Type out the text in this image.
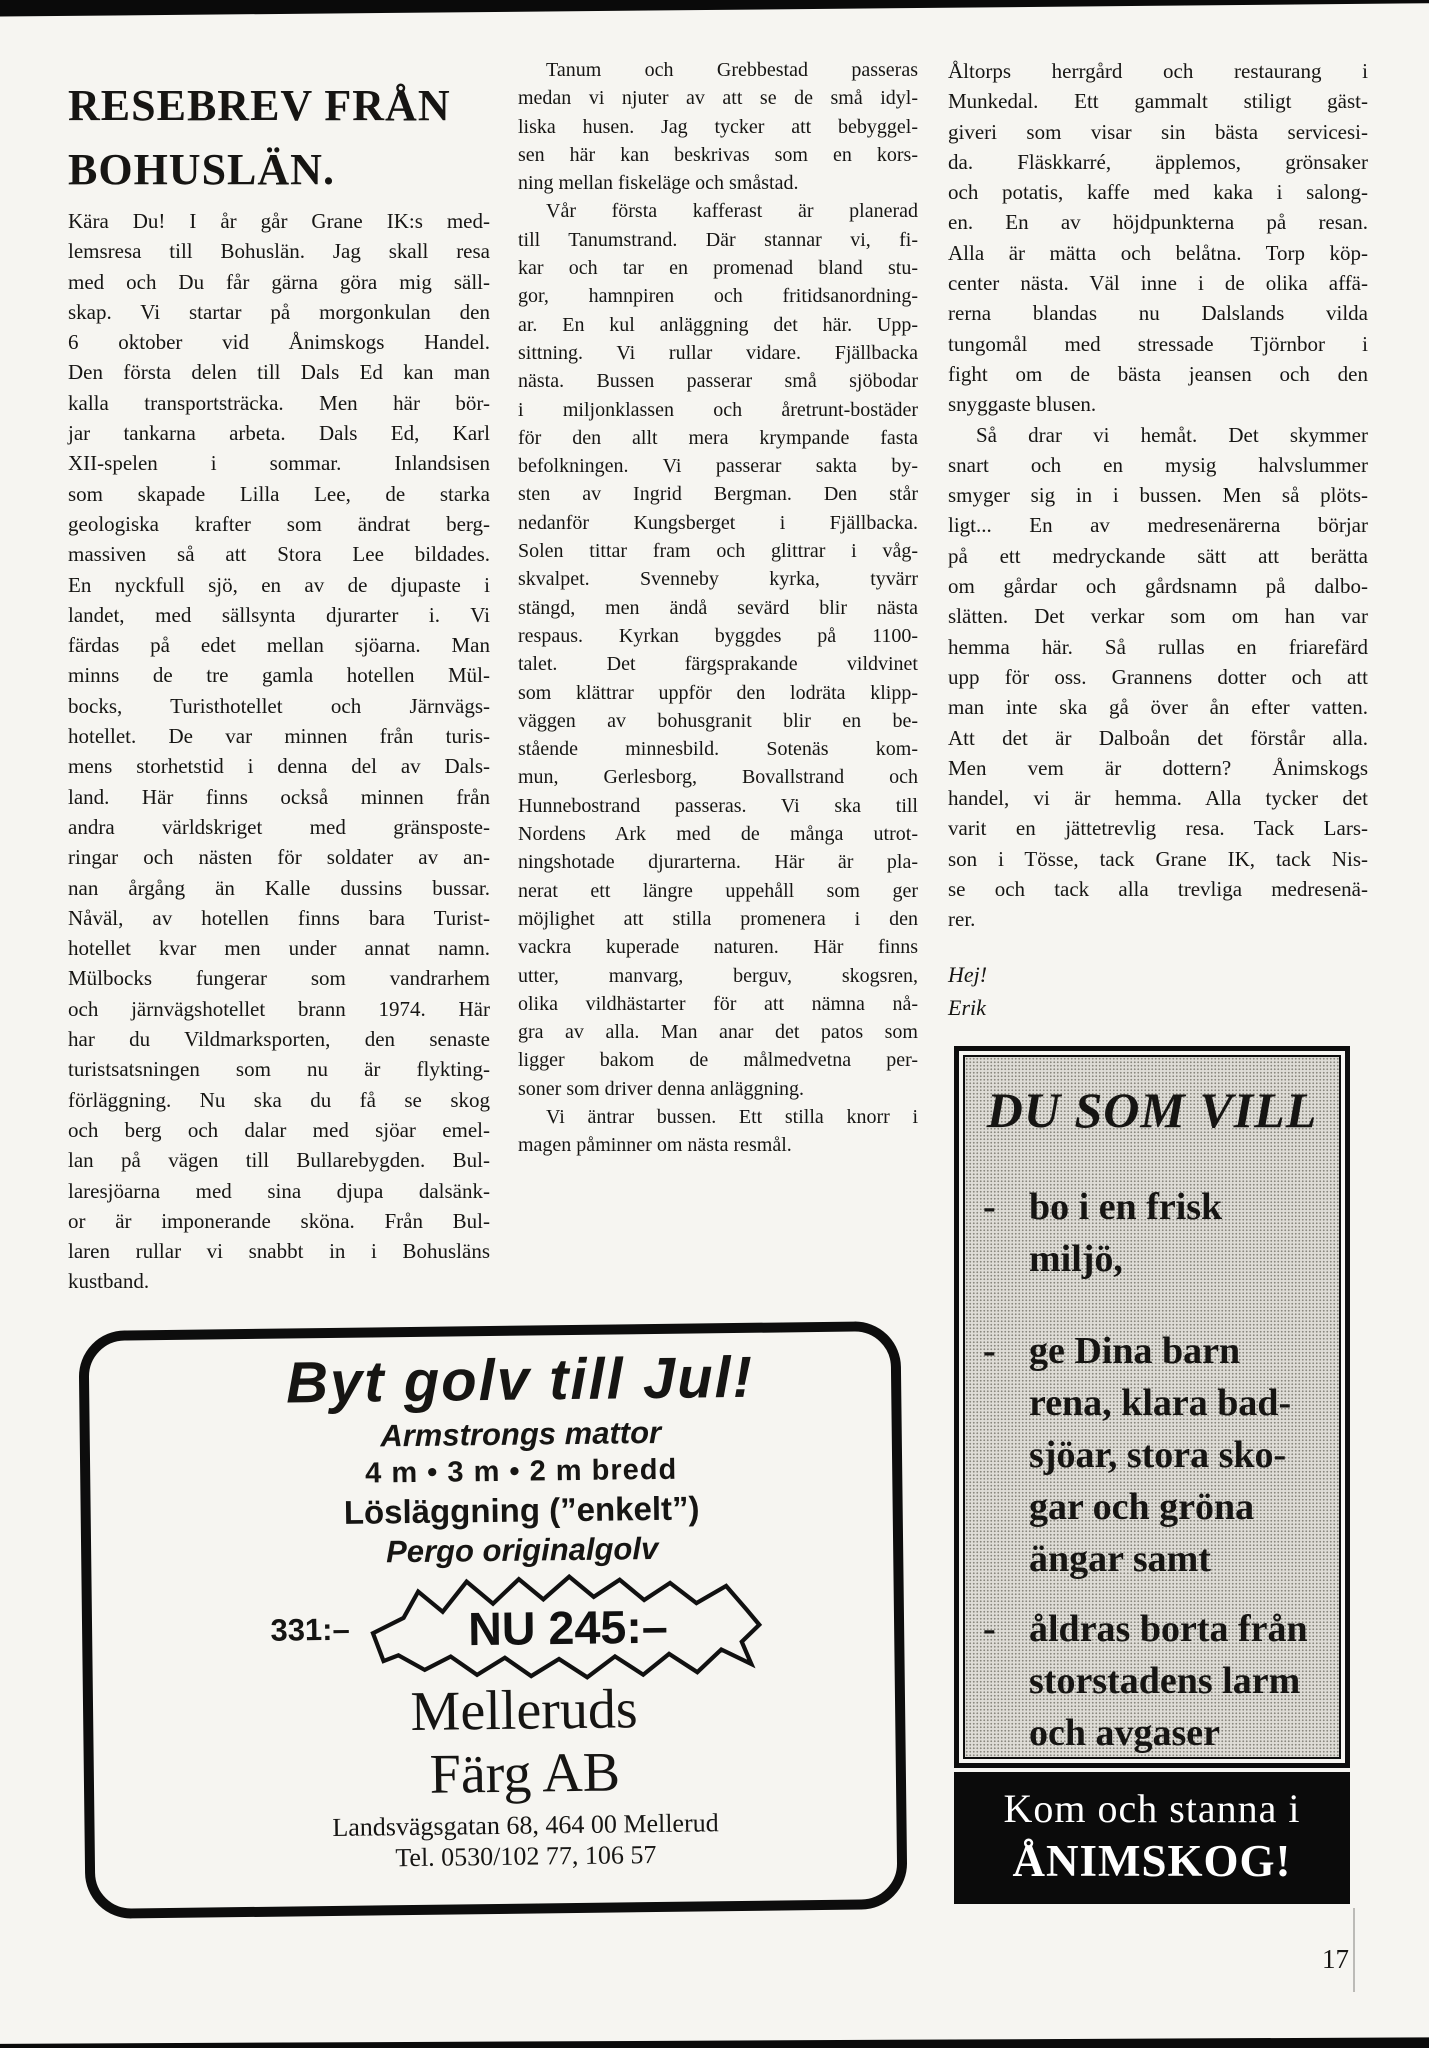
RESEBREV FRÅN
BOHUSLÄN.
Kära Du! I år går Grane IK:s med-
lemsresa till Bohuslän. Jag skall resa
med och Du får gärna göra mig säll-
skap. Vi startar på morgonkulan den
6 oktober vid Ånimskogs Handel.
Den första delen till Dals Ed kan man
kalla transportsträcka. Men här bör-
jar tankarna arbeta. Dals Ed, Karl
XII-spelen i sommar. Inlandsisen
som skapade Lilla Lee, de starka
geologiska krafter som ändrat berg-
massiven så att Stora Lee bildades.
En nyckfull sjö, en av de djupaste i
landet, med sällsynta djurarter i. Vi
färdas på edet mellan sjöarna. Man
minns de tre gamla hotellen Mül-
bocks, Turisthotellet och Järnvägs-
hotellet. De var minnen från turis-
mens storhetstid i denna del av Dals-
land. Här finns också minnen från
andra världskriget med gränsposte-
ringar och nästen för soldater av an-
nan årgång än Kalle dussins bussar.
Nåväl, av hotellen finns bara Turist-
hotellet kvar men under annat namn.
Mülbocks fungerar som vandrarhem
och järnvägshotellet brann 1974. Här
har du Vildmarksporten, den senaste
turistsatsningen som nu är flykting-
förläggning. Nu ska du få se skog
och berg och dalar med sjöar emel-
lan på vägen till Bullarebygden. Bul-
laresjöarna med sina djupa dalsänk-
or är imponerande sköna. Från Bul-
laren rullar vi snabbt in i Bohusläns
kustband.
Tanum och Grebbestad passeras
medan vi njuter av att se de små idyl-
liska husen. Jag tycker att bebyggel-
sen här kan beskrivas som en kors-
ning mellan fiskeläge och småstad.
Vår första kafferast är planerad
till Tanumstrand. Där stannar vi, fi-
kar och tar en promenad bland stu-
gor, hamnpiren och fritidsanordning-
ar. En kul anläggning det här. Upp-
sittning. Vi rullar vidare. Fjällbacka
nästa. Bussen passerar små sjöbodar
i miljonklassen och åretrunt-bostäder
för den allt mera krympande fasta
befolkningen. Vi passerar sakta by-
sten av Ingrid Bergman. Den står
nedanför Kungsberget i Fjällbacka.
Solen tittar fram och glittrar i våg-
skvalpet. Svenneby kyrka, tyvärr
stängd, men ändå sevärd blir nästa
respaus. Kyrkan byggdes på 1100-
talet. Det färgsprakande vildvinet
som klättrar uppför den lodräta klipp-
väggen av bohusgranit blir en be-
stående minnesbild. Sotenäs kom-
mun, Gerlesborg, Bovallstrand och
Hunnebostrand passeras. Vi ska till
Nordens Ark med de många utrot-
ningshotade djurarterna. Här är pla-
nerat ett längre uppehåll som ger
möjlighet att stilla promenera i den
vackra kuperade naturen. Här finns
utter, manvarg, berguv, skogsren,
olika vildhästarter för att nämna nå-
gra av alla. Man anar det patos som
ligger bakom de målmedvetna per-
soner som driver denna anläggning.
Vi äntrar bussen. Ett stilla knorr i
magen påminner om nästa resmål.
Åltorps herrgård och restaurang i
Munkedal. Ett gammalt stiligt gäst-
giveri som visar sin bästa servicesi-
da. Fläskkarré, äpplemos, grönsaker
och potatis, kaffe med kaka i salong-
en. En av höjdpunkterna på resan.
Alla är mätta och belåtna. Torp köp-
center nästa. Väl inne i de olika affä-
rerna blandas nu Dalslands vilda
tungomål med stressade Tjörnbor i
fight om de bästa jeansen och den
snyggaste blusen.
Så drar vi hemåt. Det skymmer
snart och en mysig halvslummer
smyger sig in i bussen. Men så plöts-
ligt... En av medresenärerna börjar
på ett medryckande sätt att berätta
om gårdar och gårdsnamn på dalbo-
slätten. Det verkar som om han var
hemma här. Så rullas en friarefärd
upp för oss. Grannens dotter och att
man inte ska gå över ån efter vatten.
Att det är Dalboån det förstår alla.
Men vem är dottern? Ånimskogs
handel, vi är hemma. Alla tycker det
varit en jättetrevlig resa. Tack Lars-
son i Tösse, tack Grane IK, tack Nis-
se och tack alla trevliga medresenä-
rer.
Hej!
Erik
Byt golv till Jul!
Armstrongs mattor
4 m • 3 m • 2 m bredd
Lösläggning (”enkelt”)
Pergo originalgolv
331:– NU 245:–
Melleruds
Färg AB
Landsvägsgatan 68, 464 00 Mellerud
Tel. 0530/102 77, 106 57
DU SOM VILL
- bo i en frisk
miljö,
- ge Dina barn
rena, klara bad-
sjöar, stora sko-
gar och gröna
ängar samt
- åldras borta från
storstadens larm
och avgaser
Kom och stanna i
ÅNIMSKOG!
17
